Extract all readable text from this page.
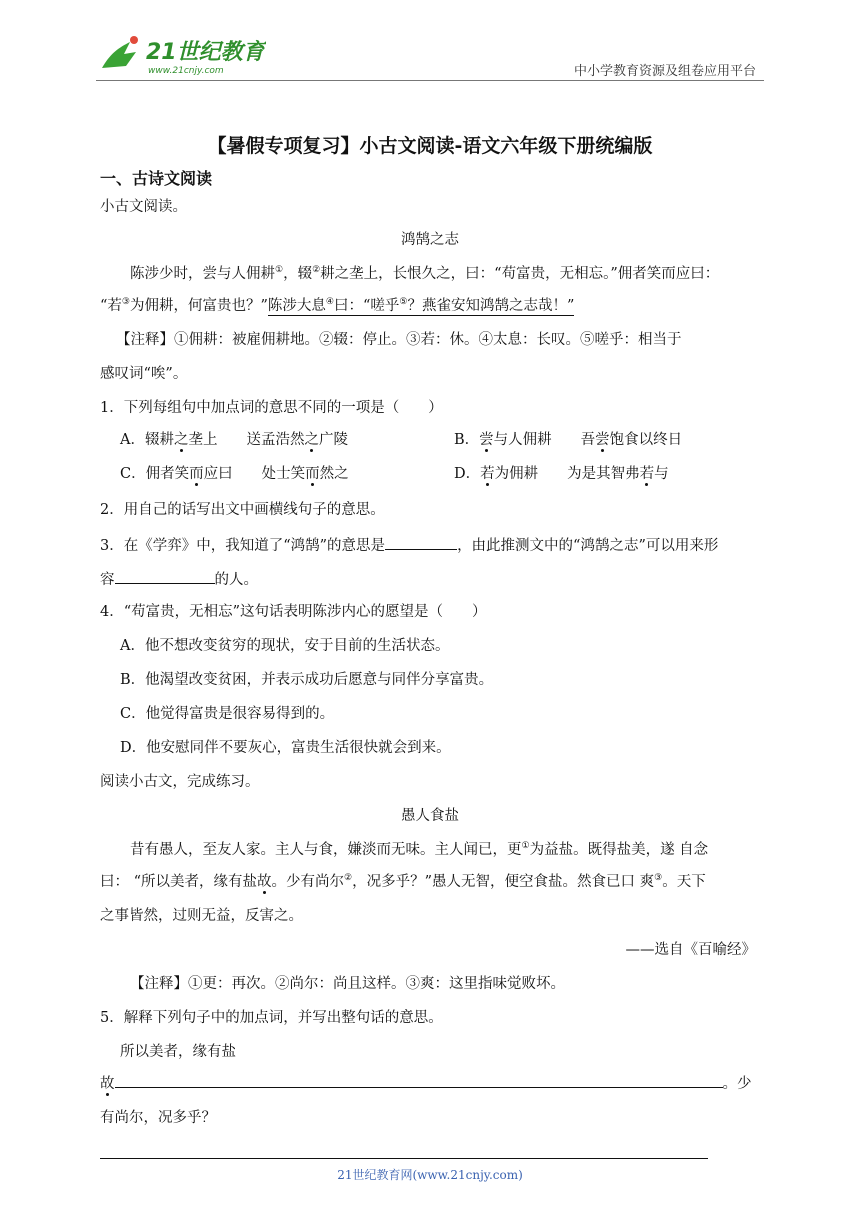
21世纪教育
www.21cnjy.com	中小学教育资源及组卷应用平台
【暑假专项复习】小古文阅读-语文六年级下册统编版
一、古诗文阅读
小古文阅读。
鸿鹄之志
陈涉少时，尝与人佣耕①，辍②耕之垄上，长恨久之，曰：“苟富贵，无相忘。”佣者笑而应曰：
“若③为佣耕，何富贵也？”陈涉大息④曰：“嗟乎⑤？燕雀安知鸿鹄之志哉！”
【注释】①佣耕：被雇佣耕地。②辍：停止。③若：休。④太息：长叹。⑤嗟乎：相当于
感叹词“唉”。
1．下列每组句中加点词的意思不同的一项是（　　）
A．辍耕之垄上　　 送孟浩然之广陵	B．尝与人佣耕　　 吾尝饱食以终日
C．佣者笑而应曰　　 处士笑而然之	D．若为佣耕　　 为是其智弗若与
2．用自己的话写出文中画横线句子的意思。
3．在《学弈》中，我知道了“鸿鹄”的意思是	，由此推测文中的“鸿鹄之志”可以用来形
容	的人。
4．“苟富贵，无相忘”这句话表明陈涉内心的愿望是（　　）
A．他不想改变贫穷的现状，安于目前的生活状态。
B．他渴望改变贫困，并表示成功后愿意与同伴分享富贵。
C．他觉得富贵是很容易得到的。
D．他安慰同伴不要灰心，富贵生活很快就会到来。
阅读小古文，完成练习。
愚人食盐
昔有愚人，至友人家。主人与食，嫌淡而无味。主人闻已，更①为益盐。既得盐美，遂 自念
曰： “所以美者，缘有盐故。少有尚尔②，况多乎？”愚人无智，便空食盐。然食已口 爽③。天下
之事皆然，过则无益，反害之。
——选自《百喻经》
【注释】①更：再次。②尚尔：尚且这样。③爽：这里指味觉败坏。
5．解释下列句子中的加点词，并写出整句话的意思。
所以美者，缘有盐
故	。少
有尚尔，况多乎？
21世纪教育网(www.21cnjy.com)
